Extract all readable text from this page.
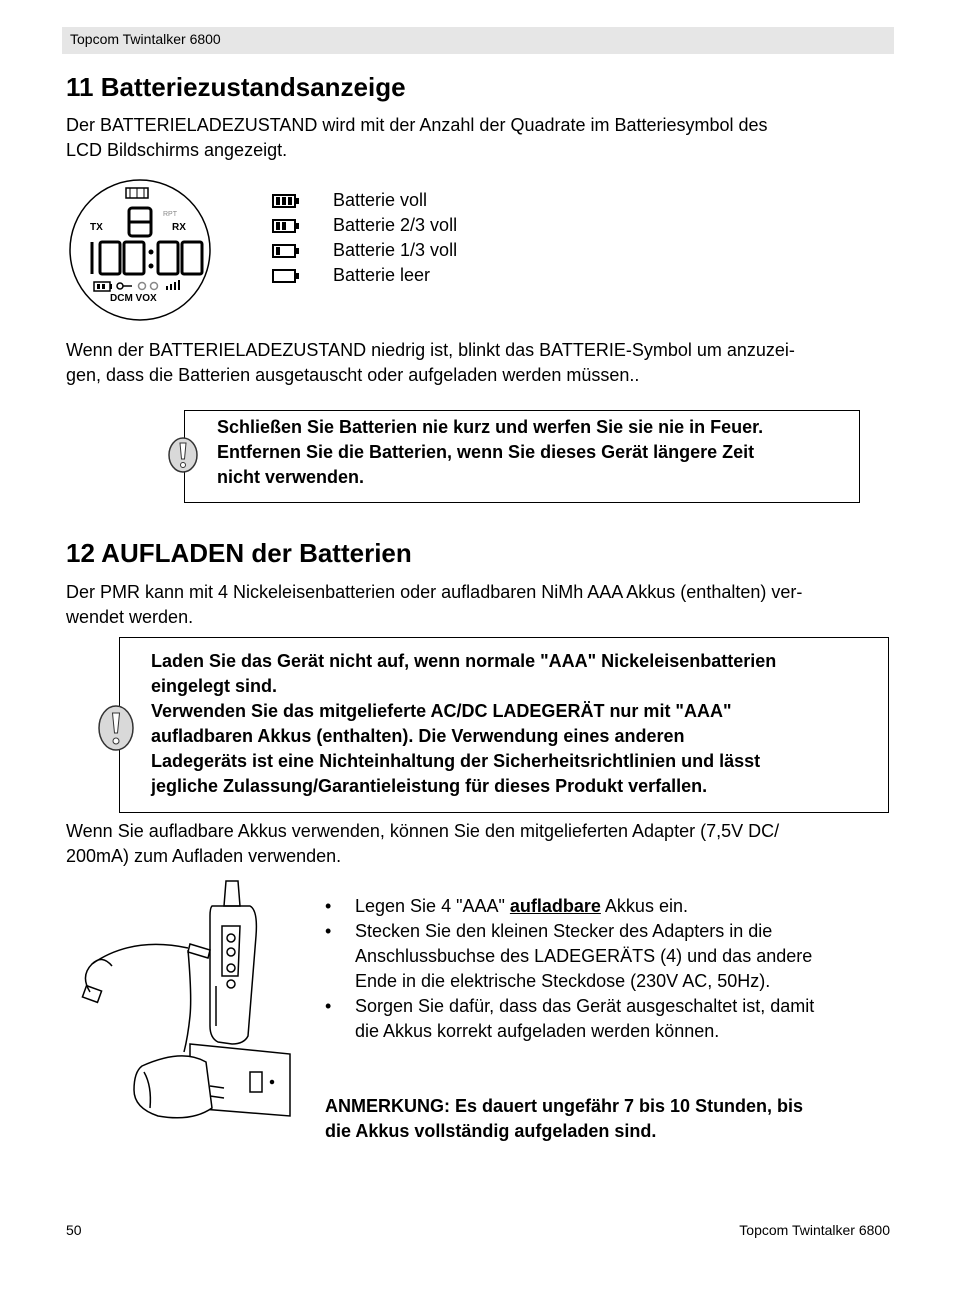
Topcom Twintalker 6800
11 Batteriezustandsanzeige
Der BATTERIELADEZUSTAND wird mit der Anzahl der Quadrate im Batteriesymbol des
LCD Bildschirms angezeigt.
TX	RX
RPT
DCM VOX
Batterie voll
Batterie 2/3 voll
Batterie 1/3 voll
Batterie leer
Wenn der BATTERIELADEZUSTAND niedrig ist, blinkt das BATTERIE-Symbol um anzuzei-
gen, dass die Batterien ausgetauscht oder aufgeladen werden müssen..
Schließen Sie Batterien nie kurz und werfen Sie sie nie in Feuer.
Entfernen Sie die Batterien, wenn Sie dieses Gerät längere Zeit
nicht verwenden.
12 AUFLADEN der Batterien
Der PMR kann mit 4 Nickeleisenbatterien oder aufladbaren NiMh AAA Akkus (enthalten) ver-
wendet werden.
Laden Sie das Gerät nicht auf, wenn normale "AAA" Nickeleisenbatterien
eingelegt sind.
Verwenden Sie das mitgelieferte AC/DC LADEGERÄT nur mit "AAA"
aufladbaren Akkus (enthalten). Die Verwendung eines anderen
Ladegeräts ist eine Nichteinhaltung der Sicherheitsrichtlinien und lässt
jegliche Zulassung/Garantieleistung für dieses Produkt verfallen.
Wenn Sie aufladbare Akkus verwenden, können Sie den mitgelieferten Adapter (7,5V DC/
200mA) zum Aufladen verwenden.
• Legen Sie 4 "AAA" aufladbare Akkus ein.
• Stecken Sie den kleinen Stecker des Adapters in die
Anschlussbuchse des LADEGERÄTS (4) und das andere
Ende in die elektrische Steckdose (230V AC, 50Hz).
• Sorgen Sie dafür, dass das Gerät ausgeschaltet ist, damit
die Akkus korrekt aufgeladen werden können.
ANMERKUNG: Es dauert ungefähr 7 bis 10 Stunden, bis
die Akkus vollständig aufgeladen sind.
50	Topcom Twintalker 6800
